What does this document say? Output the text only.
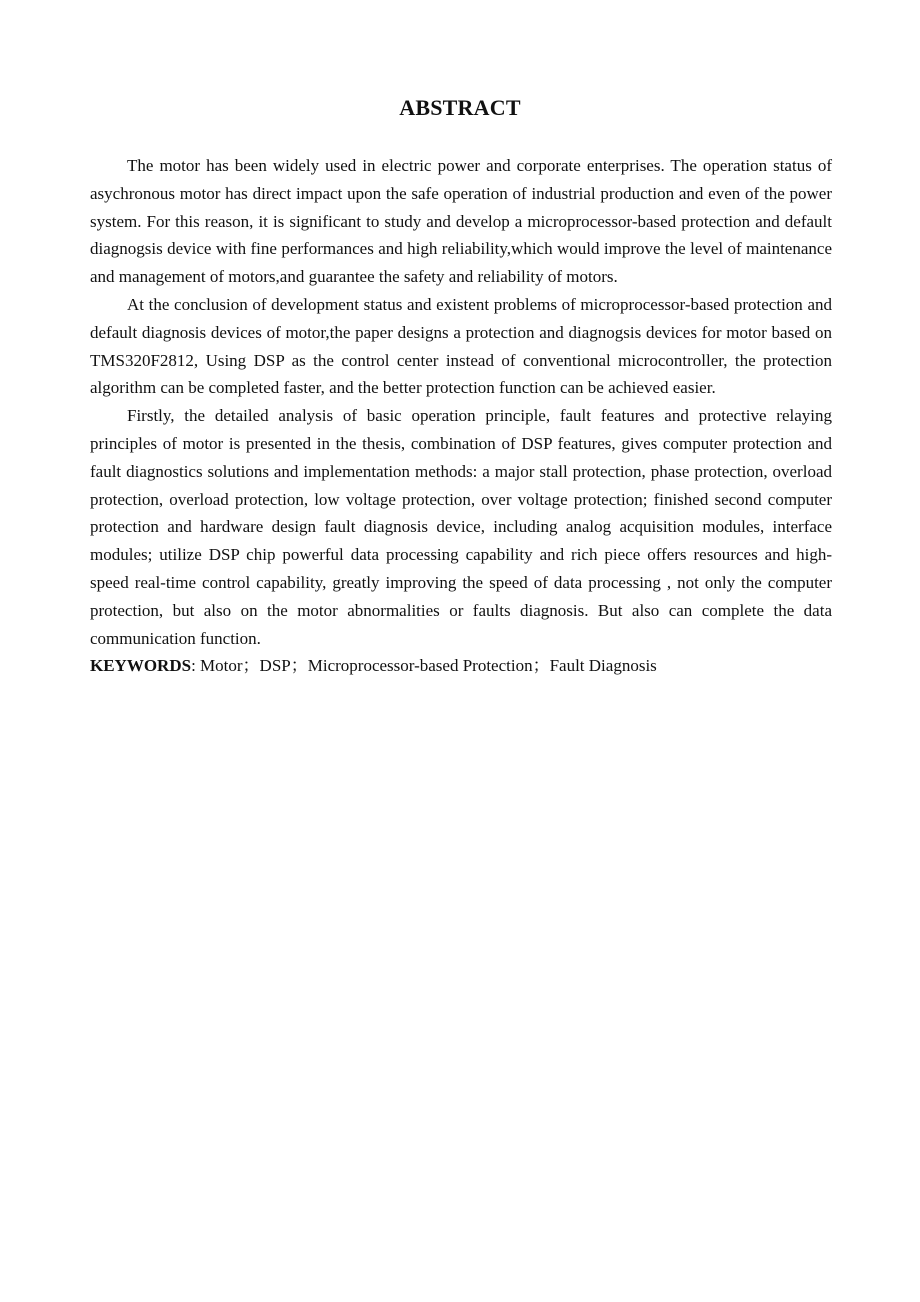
ABSTRACT

The motor has been widely used in electric power and corporate enterprises. The operation status of asychronous motor has direct impact upon the safe operation of industrial production and even of the power system. For this reason, it is significant to study and develop a microprocessor-based protection and default diagnogsis device with fine performances and high reliability,which would improve the level of maintenance and management of motors,and guarantee the safety and reliability of motors.

At the conclusion of development status and existent problems of microprocessor-based protection and default diagnosis devices of motor,the paper designs a protection and diagnogsis devices for motor based on TMS320F2812, Using DSP as the control center instead of conventional microcontroller, the protection algorithm can be completed faster, and the better protection function can be achieved easier.

Firstly, the detailed analysis of basic operation principle, fault features and protective relaying principles of motor is presented in the thesis, combination of DSP features, gives computer protection and fault diagnostics solutions and implementation methods: a major stall protection, phase protection, overload protection, overload protection, low voltage protection, over voltage protection; finished second computer protection and hardware design fault diagnosis device, including analog acquisition modules, interface modules; utilize DSP chip powerful data processing capability and rich piece offers resources and high-speed real-time control capability, greatly improving the speed of data processing , not only the computer protection, but also on the motor abnormalities or faults diagnosis. But also can complete the data communication function.

KEYWORDS: Motor；DSP；Microprocessor-based Protection；Fault Diagnosis
